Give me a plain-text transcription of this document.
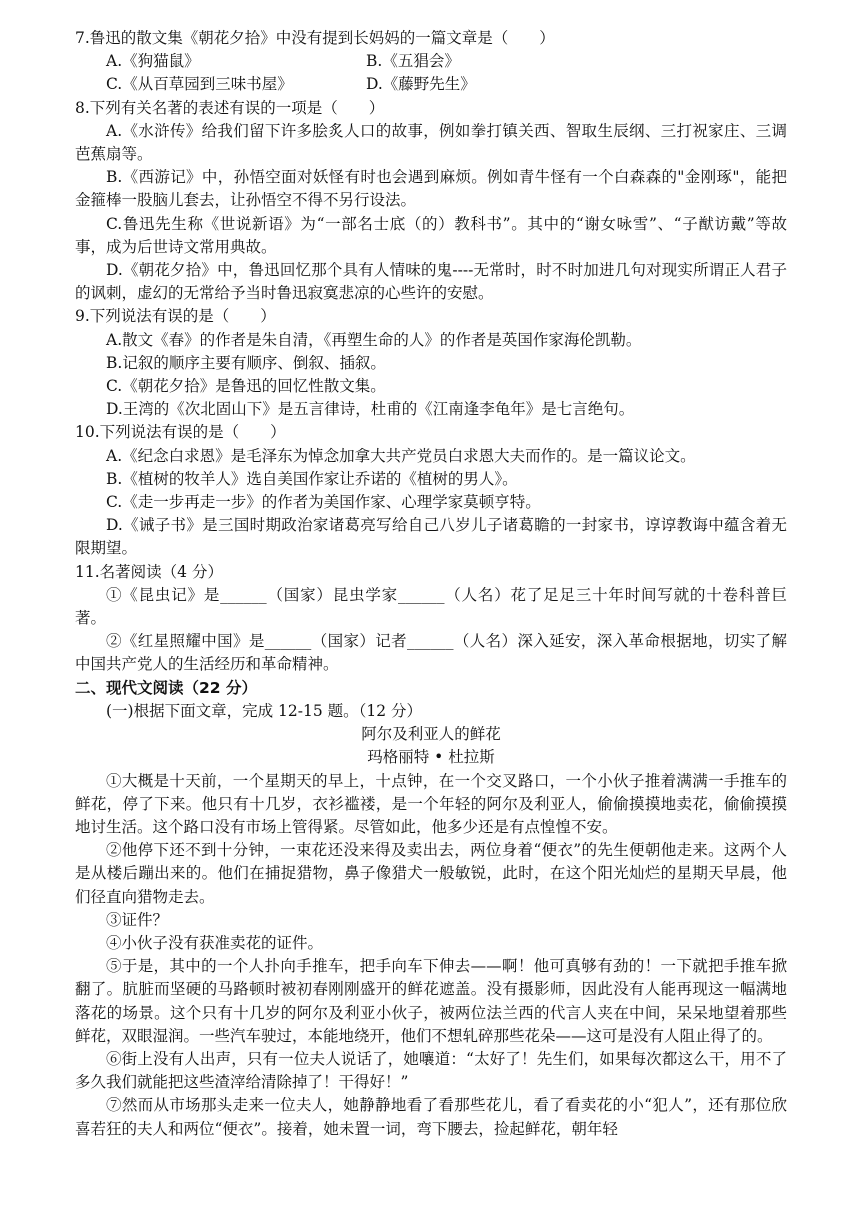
7.鲁迅的散文集《朝花夕拾》中没有提到长妈妈的一篇文章是（　　）
A.《狗猫鼠》	B.《五猖会》
C.《从百草园到三味书屋》	D.《藤野先生》
8.下列有关名著的表述有误的一项是（　　）
A.《水浒传》给我们留下许多脍炙人口的故事，例如拳打镇关西、智取生辰纲、三打祝家庄、三调芭蕉扇等。
B.《西游记》中，孙悟空面对妖怪有时也会遇到麻烦。例如青牛怪有一个白森森的"金刚琢"，能把金箍棒一股脑儿套去，让孙悟空不得不另行设法。
C.鲁迅先生称《世说新语》为“一部名士底（的）教科书”。其中的“谢女咏雪”、“子猷访戴”等故事，成为后世诗文常用典故。
D.《朝花夕拾》中，鲁迅回忆那个具有人情味的鬼----无常时，时不时加进几句对现实所谓正人君子的讽刺，虚幻的无常给予当时鲁迅寂寞悲凉的心些许的安慰。
9.下列说法有误的是（　　）
A.散文《春》的作者是朱自清，《再塑生命的人》的作者是英国作家海伦凯勒。
B.记叙的顺序主要有顺序、倒叙、插叙。
C.《朝花夕拾》是鲁迅的回忆性散文集。
D.王湾的《次北固山下》是五言律诗，杜甫的《江南逢李龟年》是七言绝句。
10.下列说法有误的是（　　）
A.《纪念白求恩》是毛泽东为悼念加拿大共产党员白求恩大夫而作的。是一篇议论文。
B.《植树的牧羊人》选自美国作家让乔诺的《植树的男人》。
C.《走一步再走一步》的作者为美国作家、心理学家莫顿亨特。
D.《诫子书》是三国时期政治家诸葛亮写给自己八岁儿子诸葛瞻的一封家书，谆谆教诲中蕴含着无限期望。
11.名著阅读（4 分）
①《昆虫记》是______（国家）昆虫学家______（人名）花了足足三十年时间写就的十卷科普巨著。
②《红星照耀中国》是______（国家）记者______（人名）深入延安，深入革命根据地，切实了解中国共产党人的生活经历和革命精神。
二、现代文阅读（22 分）
(一)根据下面文章，完成 12-15 题。（12 分）
阿尔及利亚人的鲜花
玛格丽特 • 杜拉斯
①大概是十天前，一个星期天的早上，十点钟，在一个交叉路口，一个小伙子推着满满一手推车的鲜花，停了下来。他只有十几岁，衣衫褴褛，是一个年轻的阿尔及利亚人，偷偷摸摸地卖花，偷偷摸摸地讨生活。这个路口没有市场上管得紧。尽管如此，他多少还是有点惶惶不安。
②他停下还不到十分钟，一束花还没来得及卖出去，两位身着“便衣”的先生便朝他走来。这两个人是从楼后蹦出来的。他们在捕捉猎物，鼻子像猎犬一般敏锐，此时，在这个阳光灿烂的星期天早晨，他们径直向猎物走去。
③证件？
④小伙子没有获准卖花的证件。
⑤于是，其中的一个人扑向手推车，把手向车下伸去——啊！他可真够有劲的！一下就把手推车掀翻了。肮脏而坚硬的马路顿时被初春刚刚盛开的鲜花遮盖。没有摄影师，因此没有人能再现这一幅满地落花的场景。这个只有十几岁的阿尔及利亚小伙子，被两位法兰西的代言人夹在中间，呆呆地望着那些鲜花，双眼湿润。一些汽车驶过，本能地绕开，他们不想轧碎那些花朵——这可是没有人阻止得了的。
⑥街上没有人出声，只有一位夫人说话了，她嚷道：“太好了！先生们，如果每次都这么干，用不了多久我们就能把这些渣滓给清除掉了！干得好！”
⑦然而从市场那头走来一位夫人，她静静地看了看那些花儿，看了看卖花的小“犯人”，还有那位欣喜若狂的夫人和两位“便衣”。接着，她未置一词，弯下腰去，捡起鲜花，朝年轻
